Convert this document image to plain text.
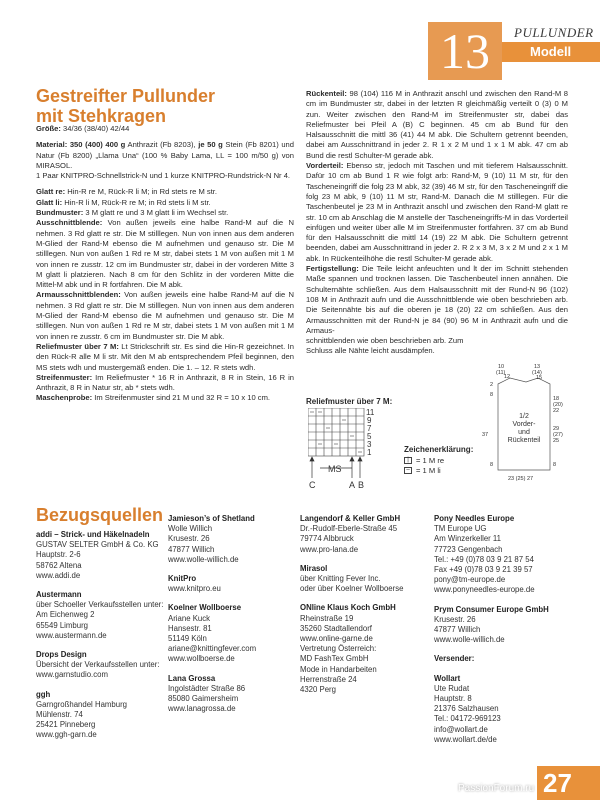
13	PULLUNDER
Modell
Gestreifter Pullunder
mit Stehkragen

Größe: 34/36 (38/40) 42/44

Material: 350 (400) 400 g Anthrazit (Fb 8203), je 50 g Stein (Fb 8201) und Natur (Fb 8200) „Llama Una“ (100 % Baby Lama, LL = 100 m/50 g) von MIRASOL.

1 Paar KNITPRO-Schnellstrick-N und 1 kurze KNITPRO-Rundstrick-N Nr 4.

Glatt re: Hin-R re M, Rück-R li M; in Rd stets re M str.

Glatt li: Hin-R li M, Rück-R re M; in Rd stets li M str.

Bundmuster: 3 M glatt re und 3 M glatt li im Wechsel str.

Ausschnittblende: Von außen jeweils eine halbe Rand-M auf die N nehmen. 3 Rd glatt re str. Die M stilllegen. Nun von innen aus dem anderen M-Glied der Rand-M ebenso die M aufnehmen und genauso str. Die M stilllegen. Nun von außen 1 Rd re M str, dabei stets 1 M von außen mit 1 M von innen re zusstr. 12 cm im Bundmuster str, dabei in der vorderen Mitte 3 M glatt li platzieren. Nach 8 cm für den Schlitz in der vorderen Mitte die Mittel-M abk und in R fortfahren. Die M abk.

Armausschnittblenden: Von außen jeweils eine halbe Rand-M auf die N nehmen. 3 Rd glatt re str. Die M stilllegen. Nun von innen aus dem anderen M-Glied der Rand-M ebenso die M aufnehmen und genauso str. Die M stilllegen. Nun von außen 1 Rd re M str, dabei stets 1 M von außen mit 1 M von innen re zusstr. 6 cm im Bundmuster str. Die M abk.

Reliefmuster über 7 M: Lt Strickschrift str. Es sind die Hin-R gezeichnet. In den Rück-R alle M li str. Mit den M ab entsprechendem Pfeil beginnen, den MS stets wdh und mustergemäß enden. Die 1. – 12. R stets wdh.

Streifenmuster: Im Reliefmuster * 16 R in Anthrazit, 8 R in Stein, 16 R in Anthrazit, 8 R in Natur str, ab * stets wdh.

Maschenprobe: Im Streifenmuster sind 21 M und 32 R = 10 x 10 cm.

Rückenteil: 98 (104) 116 M in Anthrazit anschl und zwischen den Rand-M 8 cm im Bundmuster str, dabei in der letzten R gleichmäßig verteilt 0 (3) 0 M zun. Weiter zwischen den Rand-M im Streifenmuster str, dabei das Reliefmuster bei Pfeil A (B) C beginnen. 45 cm ab Bund für den Halsausschnitt die mittl 36 (41) 44 M abk. Die Schultern getrennt beenden, dabei am Ausschnittrand in jeder 2. R 1 x 2 M und 1 x 1 M abk. 47 cm ab Bund die restl Schulter-M gerade abk.

Vorderteil: Ebenso str, jedoch mit Taschen und mit tieferem Halsausschnitt. Dafür 10 cm ab Bund 1 R wie folgt arb: Rand-M, 9 (10) 11 M str, für den Tascheneingriff die folg 23 M abk, 32 (39) 46 M str, für den Tascheneingriff die folg 23 M abk, 9 (10) 11 M str, Rand-M. Danach die M stilllegen. Für die Taschenbeutel je 23 M in Anthrazit anschl und zwischen den Rand-M glatt re str. 10 cm ab Anschlag die M anstelle der Tascheneingriffs-M in das Vorderteil einfügen und weiter über alle M im Streifenmuster fortfahren. 37 cm ab Bund für den Halsausschnitt die mittl 14 (19) 22 M abk. Die Schultern getrennt beenden, dabei am Ausschnittrand in jeder 2. R 2 x 3 M, 3 x 2 M und 2 x 1 M abk. In Rückenteilhöhe die restl Schulter-M gerade abk.

Fertigstellung: Die Teile leicht anfeuchten und lt der im Schnitt stehenden Maße spannen und trocknen lassen. Die Taschenbeutel innen annähen. Die Schulternähte schließen. Aus dem Halsausschnitt mit der Rund-N 96 (102) 108 M in Anthrazit aufn und die Ausschnittblende wie oben beschrieben arb. Die Seitennähte bis auf die oberen je 18 (20) 22 cm schließen. Aus den Armausschnitten mit der Rund-N je 84 (90) 96 M in Anthrazit aufn und die Armaus-

schnittblenden wie oben beschrieben arb. Zum

Schluss alle Nähte leicht ausdämpfen.

Reliefmuster über 7 M:
11
9
7
5
3
1
MS
C	A B
Zeichenerklärung:
| = 1 M re
– = 1 M li
10
(11)
12
13
(14)
15
2
8
37
8
18
(20)
22
29
(27)
25
8
23 (25) 27
1/2
Vorder-
und
Rückenteil
Bezugsquellen
addi – Strick- und Häkelnadeln
GUSTAV SELTER GmbH & Co. KG
Hauptstr. 2-6
58762 Altena
www.addi.de
Austermann
über Schoeller Verkaufsstellen unter:
Am Eichenweg 2
65549 Limburg
www.austermann.de
Drops Design
Übersicht der Verkaufsstellen unter:
www.garnstudio.com
ggh
Garngroßhandel Hamburg
Mühlenstr. 74
25421 Pinneberg
www.ggh-garn.de
Jamieson’s of Shetland
Wolle Willich
Krusestr. 26
47877 Willich
www.wolle-willich.de
KnitPro
www.knitpro.eu
Koelner Wollboerse
Ariane Kuck
Hansestr. 81
51149 Köln
ariane@knittingfever.com
www.wollboerse.de
Lana Grossa
Ingolstädter Straße 86
85080 Gaimersheim
www.lanagrossa.de
Langendorf & Keller GmbH
Dr.-Rudolf-Eberle-Straße 45
79774 Albbruck
www.pro-lana.de
Mirasol
über Knitting Fever Inc.
oder über Koelner Wollboerse
ONline Klaus Koch GmbH
Rheinstraße 19
35260 Stadtallendorf
www.online-garne.de
Vertretung Österreich:
MD FashTex GmbH
Mode in Handarbeiten
Herrenstraße 24
4320 Perg
Pony Needles Europe
TM Europe UG
Am Winzerkeller 11
77723 Gengenbach
Tel.: +49 (0)78 03 9 21 87 54
Fax +49 (0)78 03 9 21 39 57
pony@tm-europe.de
www.ponyneedles-europe.de
Prym Consumer Europe GmbH
Krusestr. 26
47877 Willich
www.wolle-willich.de
Versender:
Wollart
Ute Rudat
Hauptstr. 8
21376 Salzhausen
Tel.: 04172-969123
info@wollart.de
www.wollart.de/de
PassionForum.ru 27
